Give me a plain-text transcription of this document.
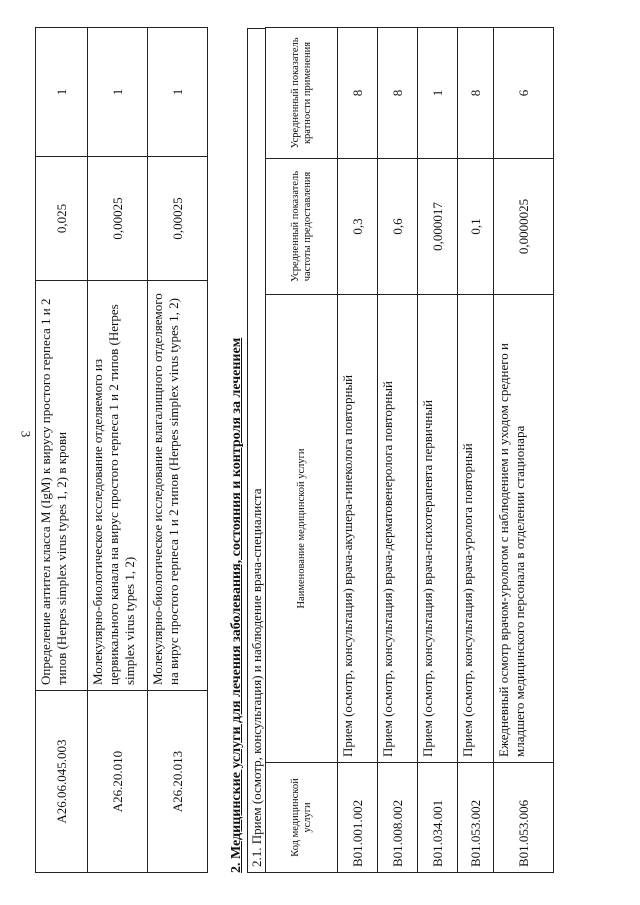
3
A26.06.045.003	Определение антител класса M (IgM) к вирусу простого герпеса 1 и 2 типов (Herpes simplex virus types 1, 2) в крови	0,025	1
A26.20.010	Молекулярно-биологическое исследование отделяемого из цервикального канала на вирус простого герпеса 1 и 2 типов (Herpes simplex virus types 1, 2)	0,00025	1
A26.20.013	Молекулярно-биологическое исследование влагалищного отделяемого на вирус простого герпеса 1 и 2 типов (Herpes simplex virus types 1, 2)	0,00025	1
2. Медицинские услуги для лечения заболевания, состояния и контроля за лечением 2.1. Прием (осмотр, консультация) и наблюдение врача-специалиста Код медицинской услуги	Наименование медицинской услуги	Усредненный показатель частоты предоставления	Усредненный показатель кратности применения
B01.001.002	Прием (осмотр, консультация) врача-акушера-гинеколога повторный	0,3	8
B01.008.002	Прием (осмотр, консультация) врача-дерматовенеролога повторный	0,6	8
B01.034.001	Прием (осмотр, консультация) врача-психотерапевта первичный	0,000017	1
B01.053.002	Прием (осмотр, консультация) врача-уролога повторный	0,1	8
B01.053.006	Ежедневный осмотр врачом-урологом с наблюдением и уходом среднего и младшего медицинского персонала в отделении стационара	0,0000025	6
